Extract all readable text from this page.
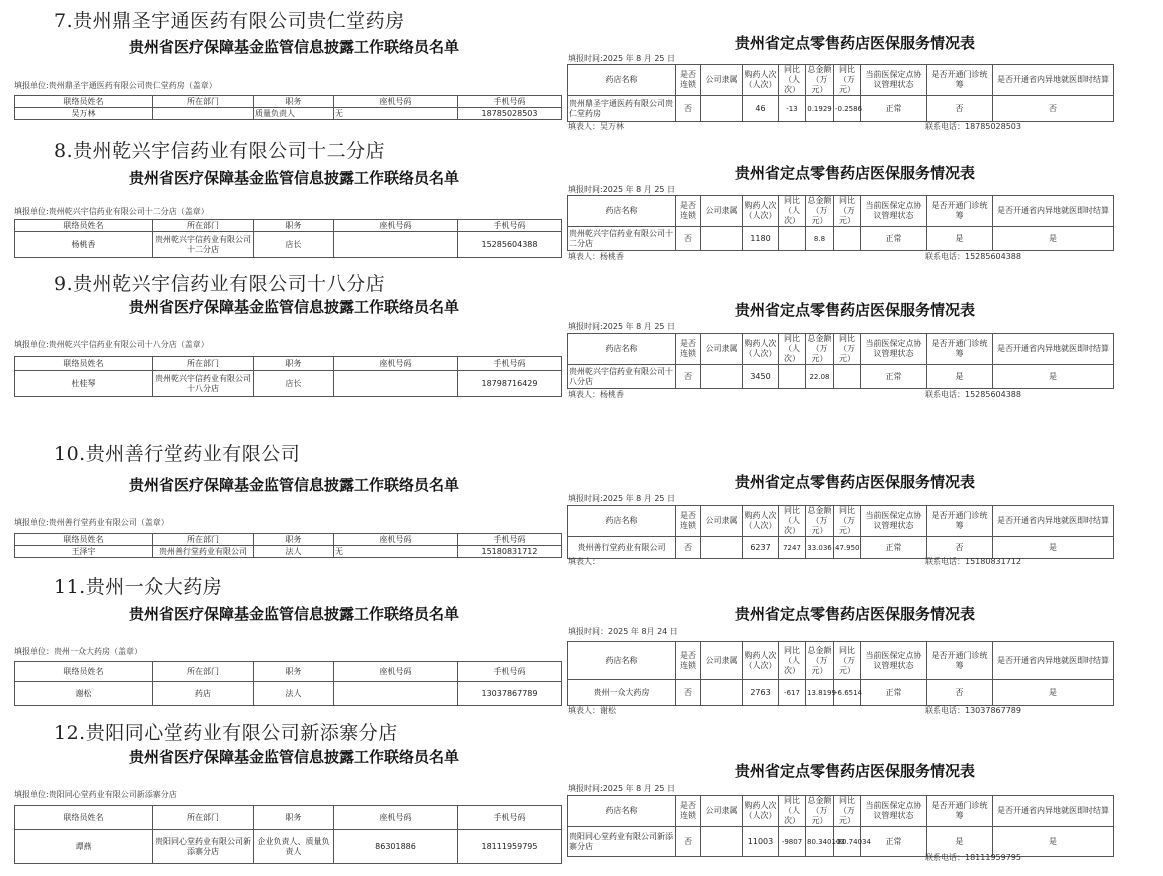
7.贵州鼎圣宇通医药有限公司贵仁堂药房
贵州省医疗保障基金监管信息披露工作联络员名单
填报单位:贵州鼎圣宇通医药有限公司贵仁堂药房（盖章）
联络员姓名	所在部门	职务	座机号码	手机号码
吴万林		质量负责人	无	18785028503
贵州省定点零售药店医保服务情况表
填报时间:2025 年 8 月 25 日
药店名称	是否连锁	公司隶属	购药人次（人次）	同比（人次）	总金额（万元）	同比（万元）	当前医保定点协议管理状态	是否开通门诊统筹	是否开通省内异地就医即时结算
贵州鼎圣宇通医药有限公司贵仁堂药房	否		46	-13	0.1929	-0.2586	正常	否	否
填表人：吴万林	联系电话：18785028503
8.贵州乾兴宇信药业有限公司十二分店
贵州省医疗保障基金监管信息披露工作联络员名单
填报单位:贵州乾兴宇信药业有限公司十二分店（盖章）
联络员姓名	所在部门	职务	座机号码	手机号码
杨桃香	贵州乾兴宇信药业有限公司十二分店	店长		15285604388
贵州省定点零售药店医保服务情况表
填报时间:2025 年 8 月 25 日
药店名称	是否连锁	公司隶属	购药人次（人次）	同比（人次）	总金额（万元）	同比（万元）	当前医保定点协议管理状态	是否开通门诊统筹	是否开通省内异地就医即时结算
贵州乾兴宇信药业有限公司十二分店	否		1180		8.8		正常	是	是
填表人：杨桃香	联系电话：15285604388
9.贵州乾兴宇信药业有限公司十八分店
贵州省医疗保障基金监管信息披露工作联络员名单
填报单位:贵州乾兴宇信药业有限公司十八分店（盖章）
联络员姓名	所在部门	职务	座机号码	手机号码
杜桂琴	贵州乾兴宇信药业有限公司十八分店	店长		18798716429
贵州省定点零售药店医保服务情况表
填报时间:2025 年 8 月 25 日
药店名称	是否连锁	公司隶属	购药人次（人次）	同比（人次）	总金额（万元）	同比（万元）	当前医保定点协议管理状态	是否开通门诊统筹	是否开通省内异地就医即时结算
贵州乾兴宇信药业有限公司十八分店	否		3450		22.08		正常	是	是
填表人：杨桃香	联系电话：15285604388
10.贵州善行堂药业有限公司
贵州省医疗保障基金监管信息披露工作联络员名单
填报单位:贵州善行堂药业有限公司（盖章）
联络员姓名	所在部门	职务	座机号码	手机号码
王泽宇	贵州善行堂药业有限公司	法人	无	15180831712
贵州省定点零售药店医保服务情况表
填报时间:2025 年 8 月 25 日
药店名称	是否连锁	公司隶属	购药人次（人次）	同比（人次）	总金额（万元）	同比（万元）	当前医保定点协议管理状态	是否开通门诊统筹	是否开通省内异地就医即时结算
贵州善行堂药业有限公司	否		6237	7247	33.036	47.950	正常	否	是
填表人：	联系电话：15180831712
11.贵州一众大药房
贵州省医疗保障基金监管信息披露工作联络员名单
填报单位：贵州一众大药房（盖章）
联络员姓名	所在部门	职务	座机号码	手机号码
谢松	药店	法人		13037867789
贵州省定点零售药店医保服务情况表
填报时间：2025 年 8月 24 日
药店名称	是否连锁	公司隶属	购药人次（人次）	同比（人次）	总金额（万元）	同比（万元）	当前医保定点协议管理状态	是否开通门诊统筹	是否开通省内异地就医即时结算
贵州一众大药房	否		2763	-617	13.8199	-6.6514	正常	否	是
填表人：谢松	联系电话：13037867789
12.贵阳同心堂药业有限公司新添寨分店
贵州省医疗保障基金监管信息披露工作联络员名单
填报单位:贵阳同心堂药业有限公司新添寨分店
联络员姓名	所在部门	职务	座机号码	手机号码
谭燕	贵阳同心堂药业有限公司新添寨分店	企业负责人、质量负责人	86301886	18111959795
贵州省定点零售药店医保服务情况表
填报时间:2025 年 8 月 25 日
药店名称	是否连锁	公司隶属	购药人次（人次）	同比（人次）	总金额（万元）	同比（万元）	当前医保定点协议管理状态	是否开通门诊统筹	是否开通省内异地就医即时结算
贵阳同心堂药业有限公司新添寨分店	否		11003	-9807	80.340103	-80.74034	正常	是	是
联系电话：18111959795
